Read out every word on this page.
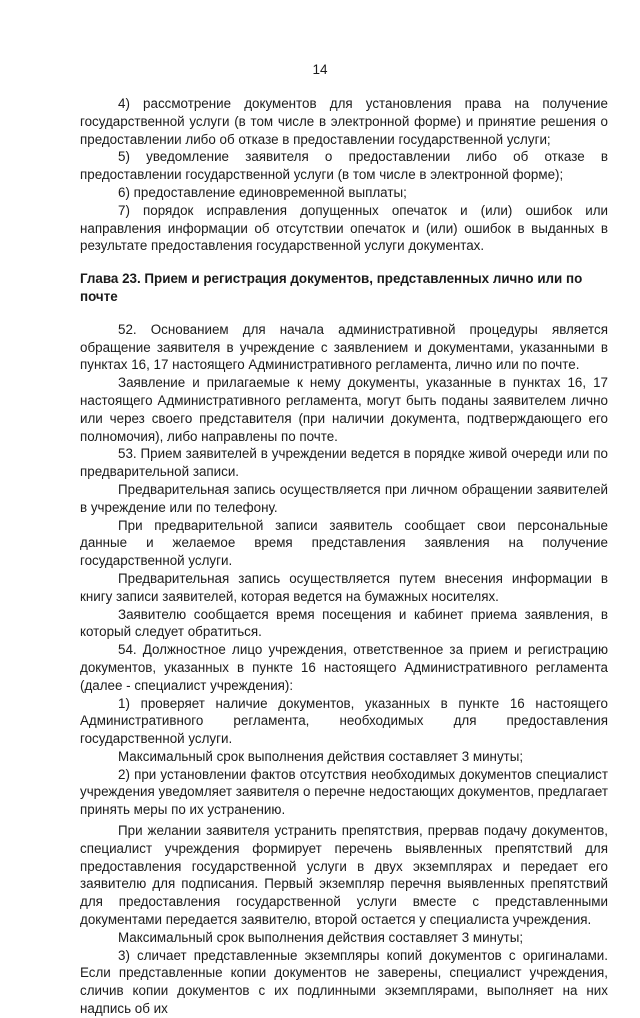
14

4) рассмотрение документов для установления права на получение государственной услуги (в том числе в электронной форме) и принятие решения о предоставлении либо об отказе в предоставлении государственной услуги;

5) уведомление заявителя о предоставлении либо об отказе в предоставлении государственной услуги (в том числе в электронной форме);

6) предоставление единовременной выплаты;

7) порядок исправления допущенных опечаток и (или) ошибок или направления информации об отсутствии опечаток и (или) ошибок в выданных в результате предоставления государственной услуги документах.

Глава 23. Прием и регистрация документов, представленных лично или по почте

52. Основанием для начала административной процедуры является обращение заявителя в учреждение с заявлением и документами, указанными в пунктах 16, 17 настоящего Административного регламента, лично или по почте.

Заявление и прилагаемые к нему документы, указанные в пунктах 16, 17 настоящего Административного регламента, могут быть поданы заявителем лично или через своего представителя (при наличии документа, подтверждающего его полномочия), либо направлены по почте.

53. Прием заявителей в учреждении ведется в порядке живой очереди или по предварительной записи.

Предварительная запись осуществляется при личном обращении заявителей в учреждение или по телефону.

При предварительной записи заявитель сообщает свои персональные данные и желаемое время представления заявления на получение государственной услуги.

Предварительная запись осуществляется путем внесения информации в книгу записи заявителей, которая ведется на бумажных носителях.

Заявителю сообщается время посещения и кабинет приема заявления, в который следует обратиться.

54. Должностное лицо учреждения, ответственное за прием и регистрацию документов, указанных в пункте 16 настоящего Административного регламента (далее - специалист учреждения):

1) проверяет наличие документов, указанных в пункте 16 настоящего Административного регламента, необходимых для предоставления государственной услуги.

Максимальный срок выполнения действия составляет 3 минуты;

2) при установлении фактов отсутствия необходимых документов специалист учреждения уведомляет заявителя о перечне недостающих документов, предлагает принять меры по их устранению.

При желании заявителя устранить препятствия, прервав подачу документов, специалист учреждения формирует перечень выявленных препятствий для предоставления государственной услуги в двух экземплярах и передает его заявителю для подписания. Первый экземпляр перечня выявленных препятствий для предоставления государственной услуги вместе с представленными документами передается заявителю, второй остается у специалиста учреждения.

Максимальный срок выполнения действия составляет 3 минуты;

3) сличает представленные экземпляры копий документов с оригиналами. Если представленные копии документов не заверены, специалист учреждения, сличив копии документов с их подлинными экземплярами, выполняет на них надпись об их
